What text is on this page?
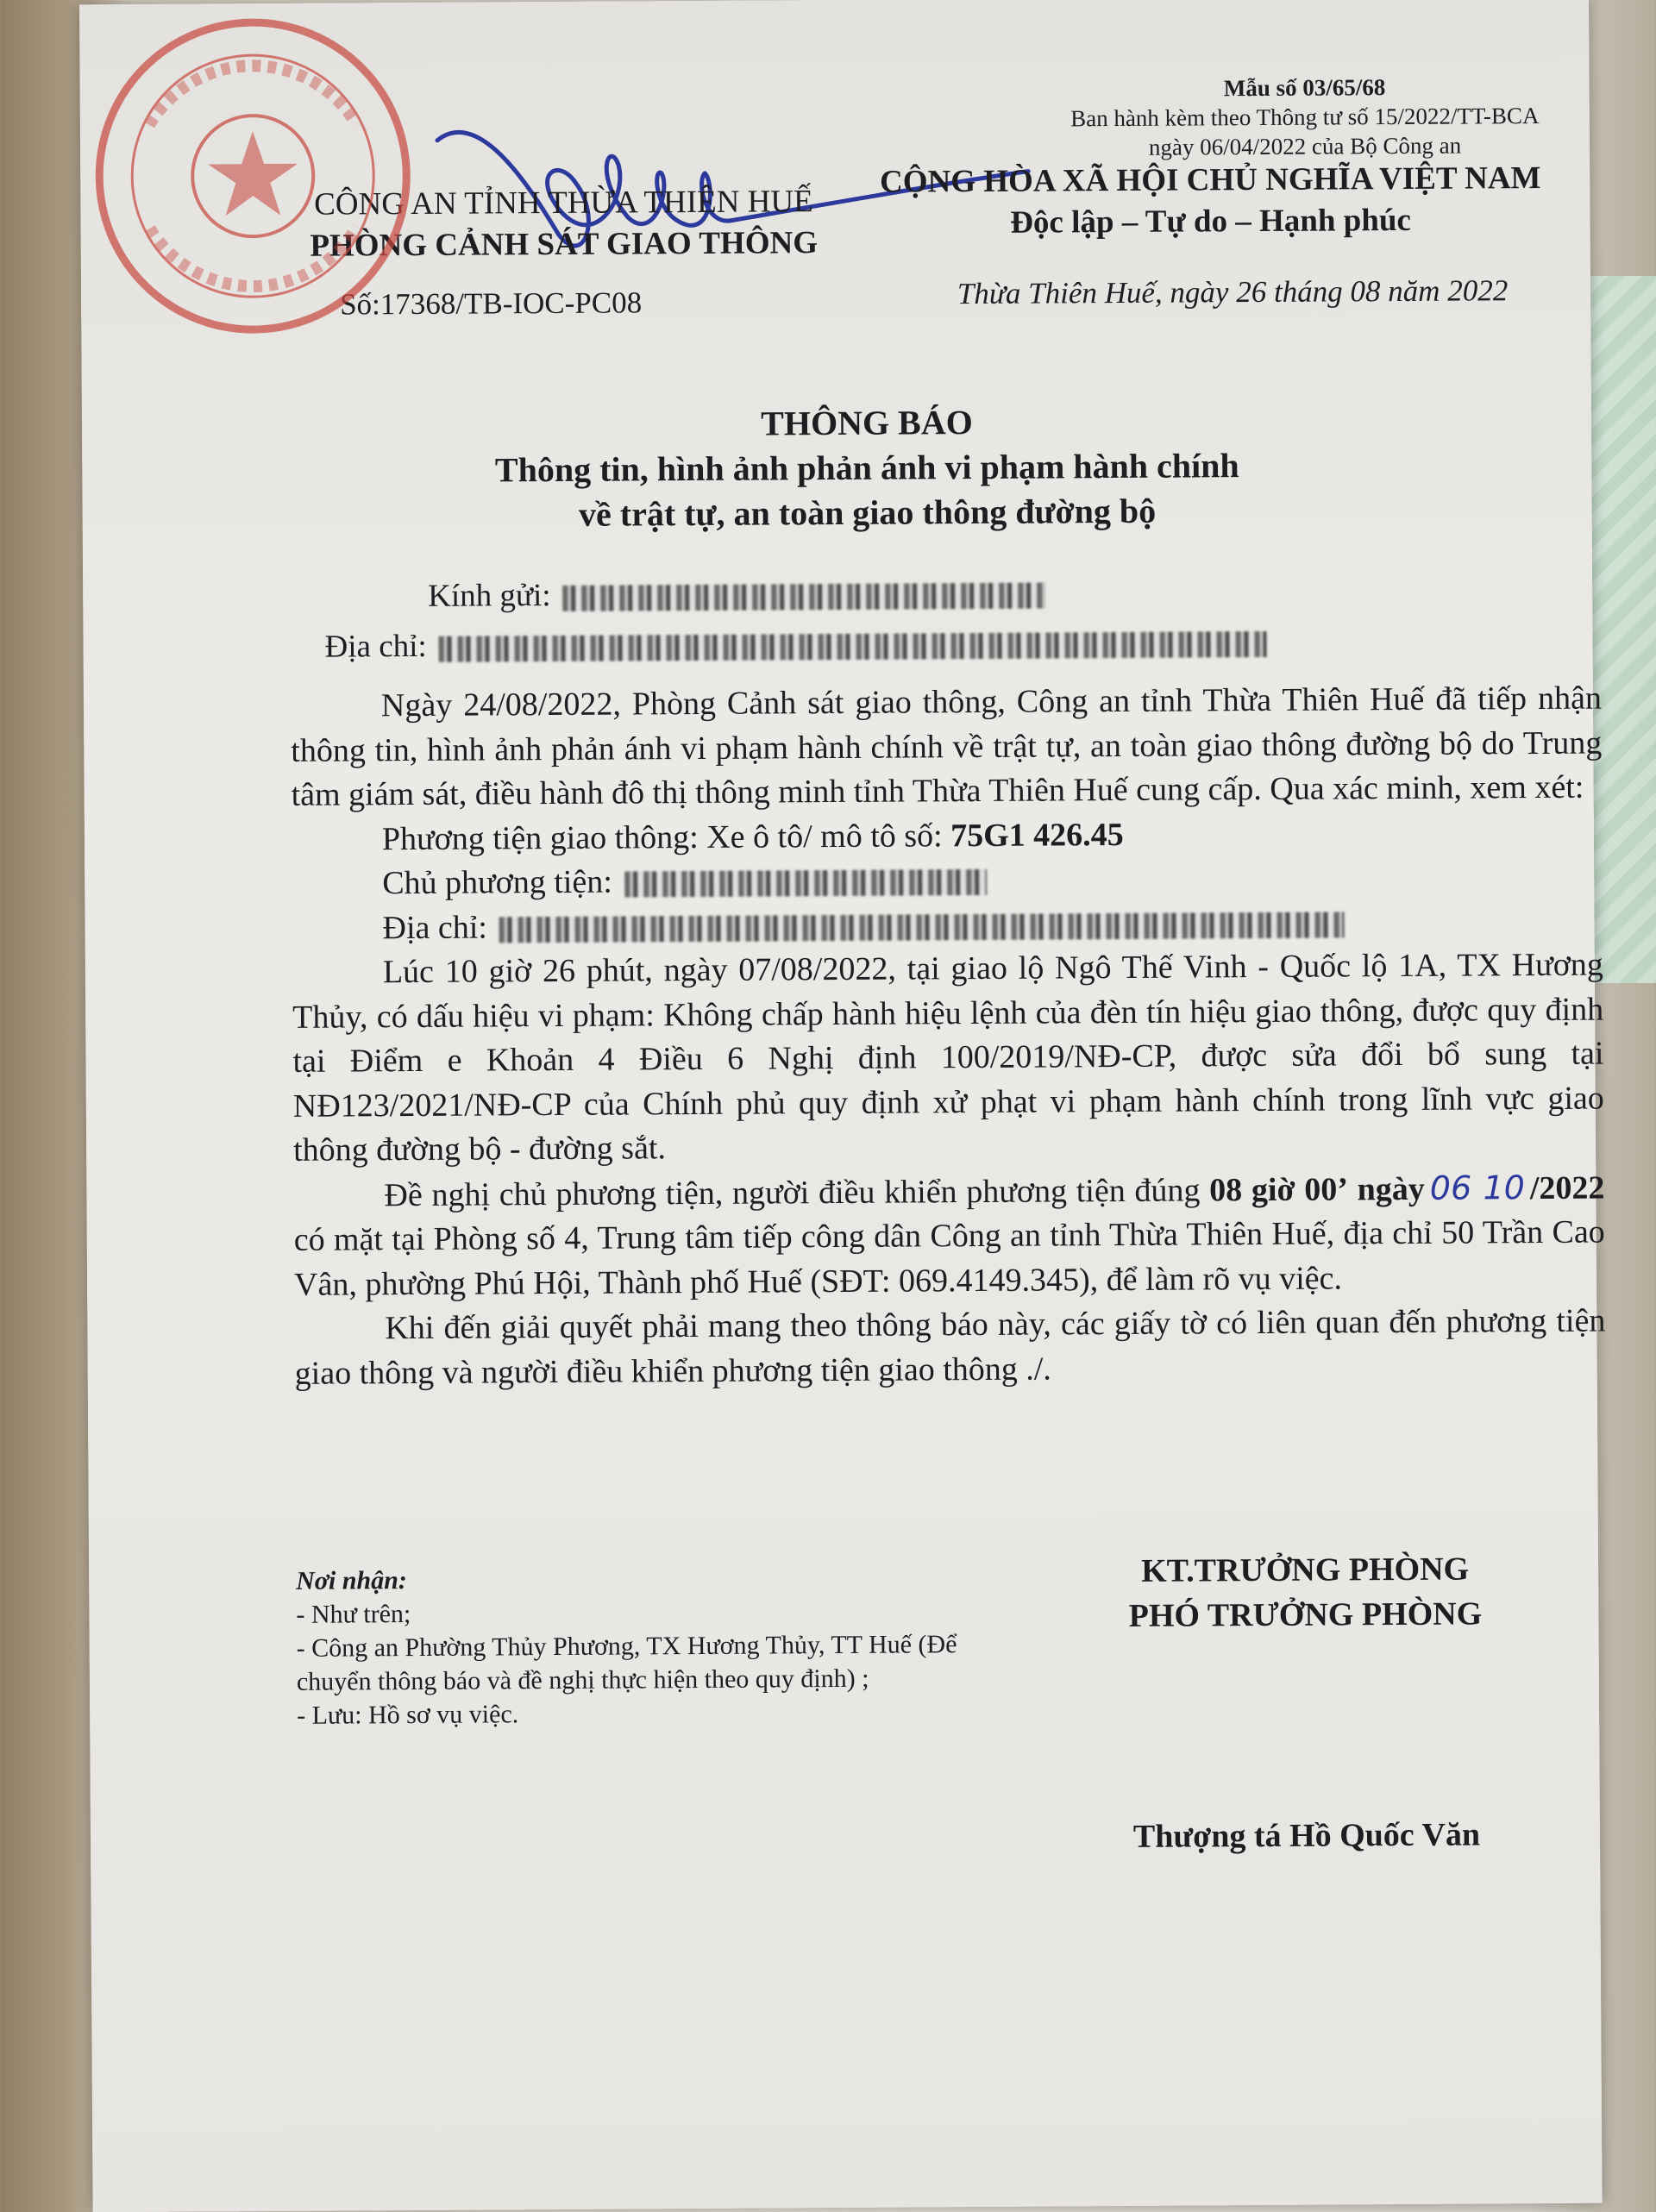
Mẫu số 03/65/68
Ban hành kèm theo Thông tư số 15/2022/TT-BCA
ngày 06/04/2022 của Bộ Công an
CÔNG AN TỈNH THỪA THIÊN HUẾ
PHÒNG CẢNH SÁT GIAO THÔNG
CỘNG HÒA XÃ HỘI CHỦ NGHĨA VIỆT NAM
Độc lập – Tự do – Hạnh phúc
Số:17368/TB-IOC-PC08	Thừa Thiên Huế, ngày 26 tháng 08 năm 2022
THÔNG BÁO
Thông tin, hình ảnh phản ánh vi phạm hành chính
về trật tự, an toàn giao thông đường bộ
Kính gửi:
Địa chỉ:

Ngày 24/08/2022, Phòng Cảnh sát giao thông, Công an tỉnh Thừa Thiên Huế đã tiếp nhận thông tin, hình ảnh phản ánh vi phạm hành chính về trật tự, an toàn giao thông đường bộ do Trung tâm giám sát, điều hành đô thị thông minh tỉnh Thừa Thiên Huế cung cấp. Qua xác minh, xem xét:

Phương tiện giao thông: Xe ô tô/ mô tô số: 75G1 426.45

Chủ phương tiện:

Địa chỉ:

Lúc 10 giờ 26 phút, ngày 07/08/2022, tại giao lộ Ngô Thế Vinh - Quốc lộ 1A, TX Hương Thủy, có dấu hiệu vi phạm: Không chấp hành hiệu lệnh của đèn tín hiệu giao thông, được quy định tại Điểm e Khoản 4 Điều 6 Nghị định 100/2019/NĐ-CP, được sửa đổi bổ sung tại NĐ123/2021/NĐ-CP của Chính phủ quy định xử phạt vi phạm hành chính trong lĩnh vực giao thông đường bộ - đường sắt.

Đề nghị chủ phương tiện, người điều khiển phương tiện đúng 08 giờ 00’ ngày 06 10 /2022 có mặt tại Phòng số 4, Trung tâm tiếp công dân Công an tỉnh Thừa Thiên Huế, địa chỉ 50 Trần Cao Vân, phường Phú Hội, Thành phố Huế (SĐT: 069.4149.345), để làm rõ vụ việc.

Khi đến giải quyết phải mang theo thông báo này, các giấy tờ có liên quan đến phương tiện giao thông và người điều khiển phương tiện giao thông ./.

Nơi nhận:
- Như trên;
- Công an Phường Thủy Phương, TX Hương Thủy, TT Huế (Để chuyển thông báo và đề nghị thực hiện theo quy định) ;
- Lưu: Hồ sơ vụ việc.

KT.TRƯỞNG PHÒNG
PHÓ TRƯỞNG PHÒNG
Thượng tá Hồ Quốc Văn
